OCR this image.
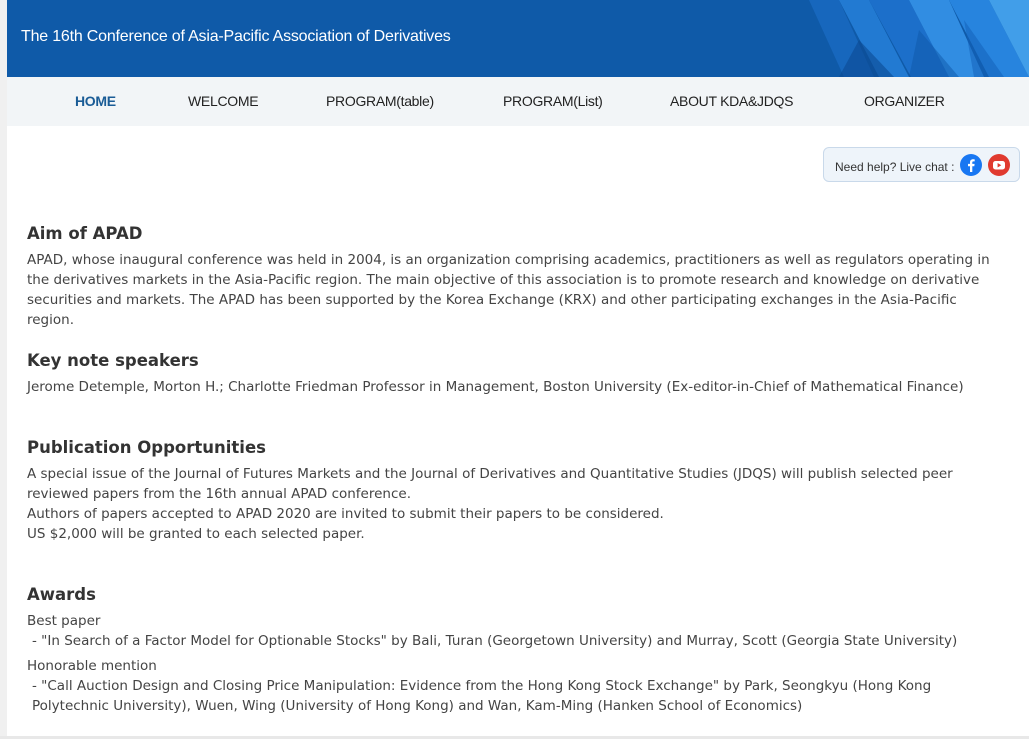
The 16th Conference of Asia-Pacific Association of Derivatives
HOME	WELCOME	PROGRAM(table)	PROGRAM(List)	ABOUT KDA&JDQS	ORGANIZER
Need help? Live chat :
Aim of APAD

APAD, whose inaugural conference was held in 2004, is an organization comprising academics, practitioners as well as regulators operating in the derivatives markets in the Asia-Pacific region. The main objective of this association is to promote research and knowledge on derivative securities and markets. The APAD has been supported by the Korea Exchange (KRX) and other participating exchanges in the Asia-Pacific region.

Key note speakers

Jerome Detemple, Morton H.; Charlotte Friedman Professor in Management, Boston University (Ex-editor-in-Chief of Mathematical Finance)

Publication Opportunities

A special issue of the Journal of Futures Markets and the Journal of Derivatives and Quantitative Studies (JDQS) will publish selected peer reviewed papers from the 16th annual APAD conference.
Authors of papers accepted to APAD 2020 are invited to submit their papers to be considered.
US $2,000 will be granted to each selected paper.

Awards
Best paper
- "In Search of a Factor Model for Optionable Stocks" by Bali, Turan (Georgetown University) and Murray, Scott (Georgia State University)
Honorable mention
- "Call Auction Design and Closing Price Manipulation: Evidence from the Hong Kong Stock Exchange" by Park, Seongkyu (Hong Kong Polytechnic University), Wuen, Wing (University of Hong Kong) and Wan, Kam-Ming (Hanken School of Economics)
